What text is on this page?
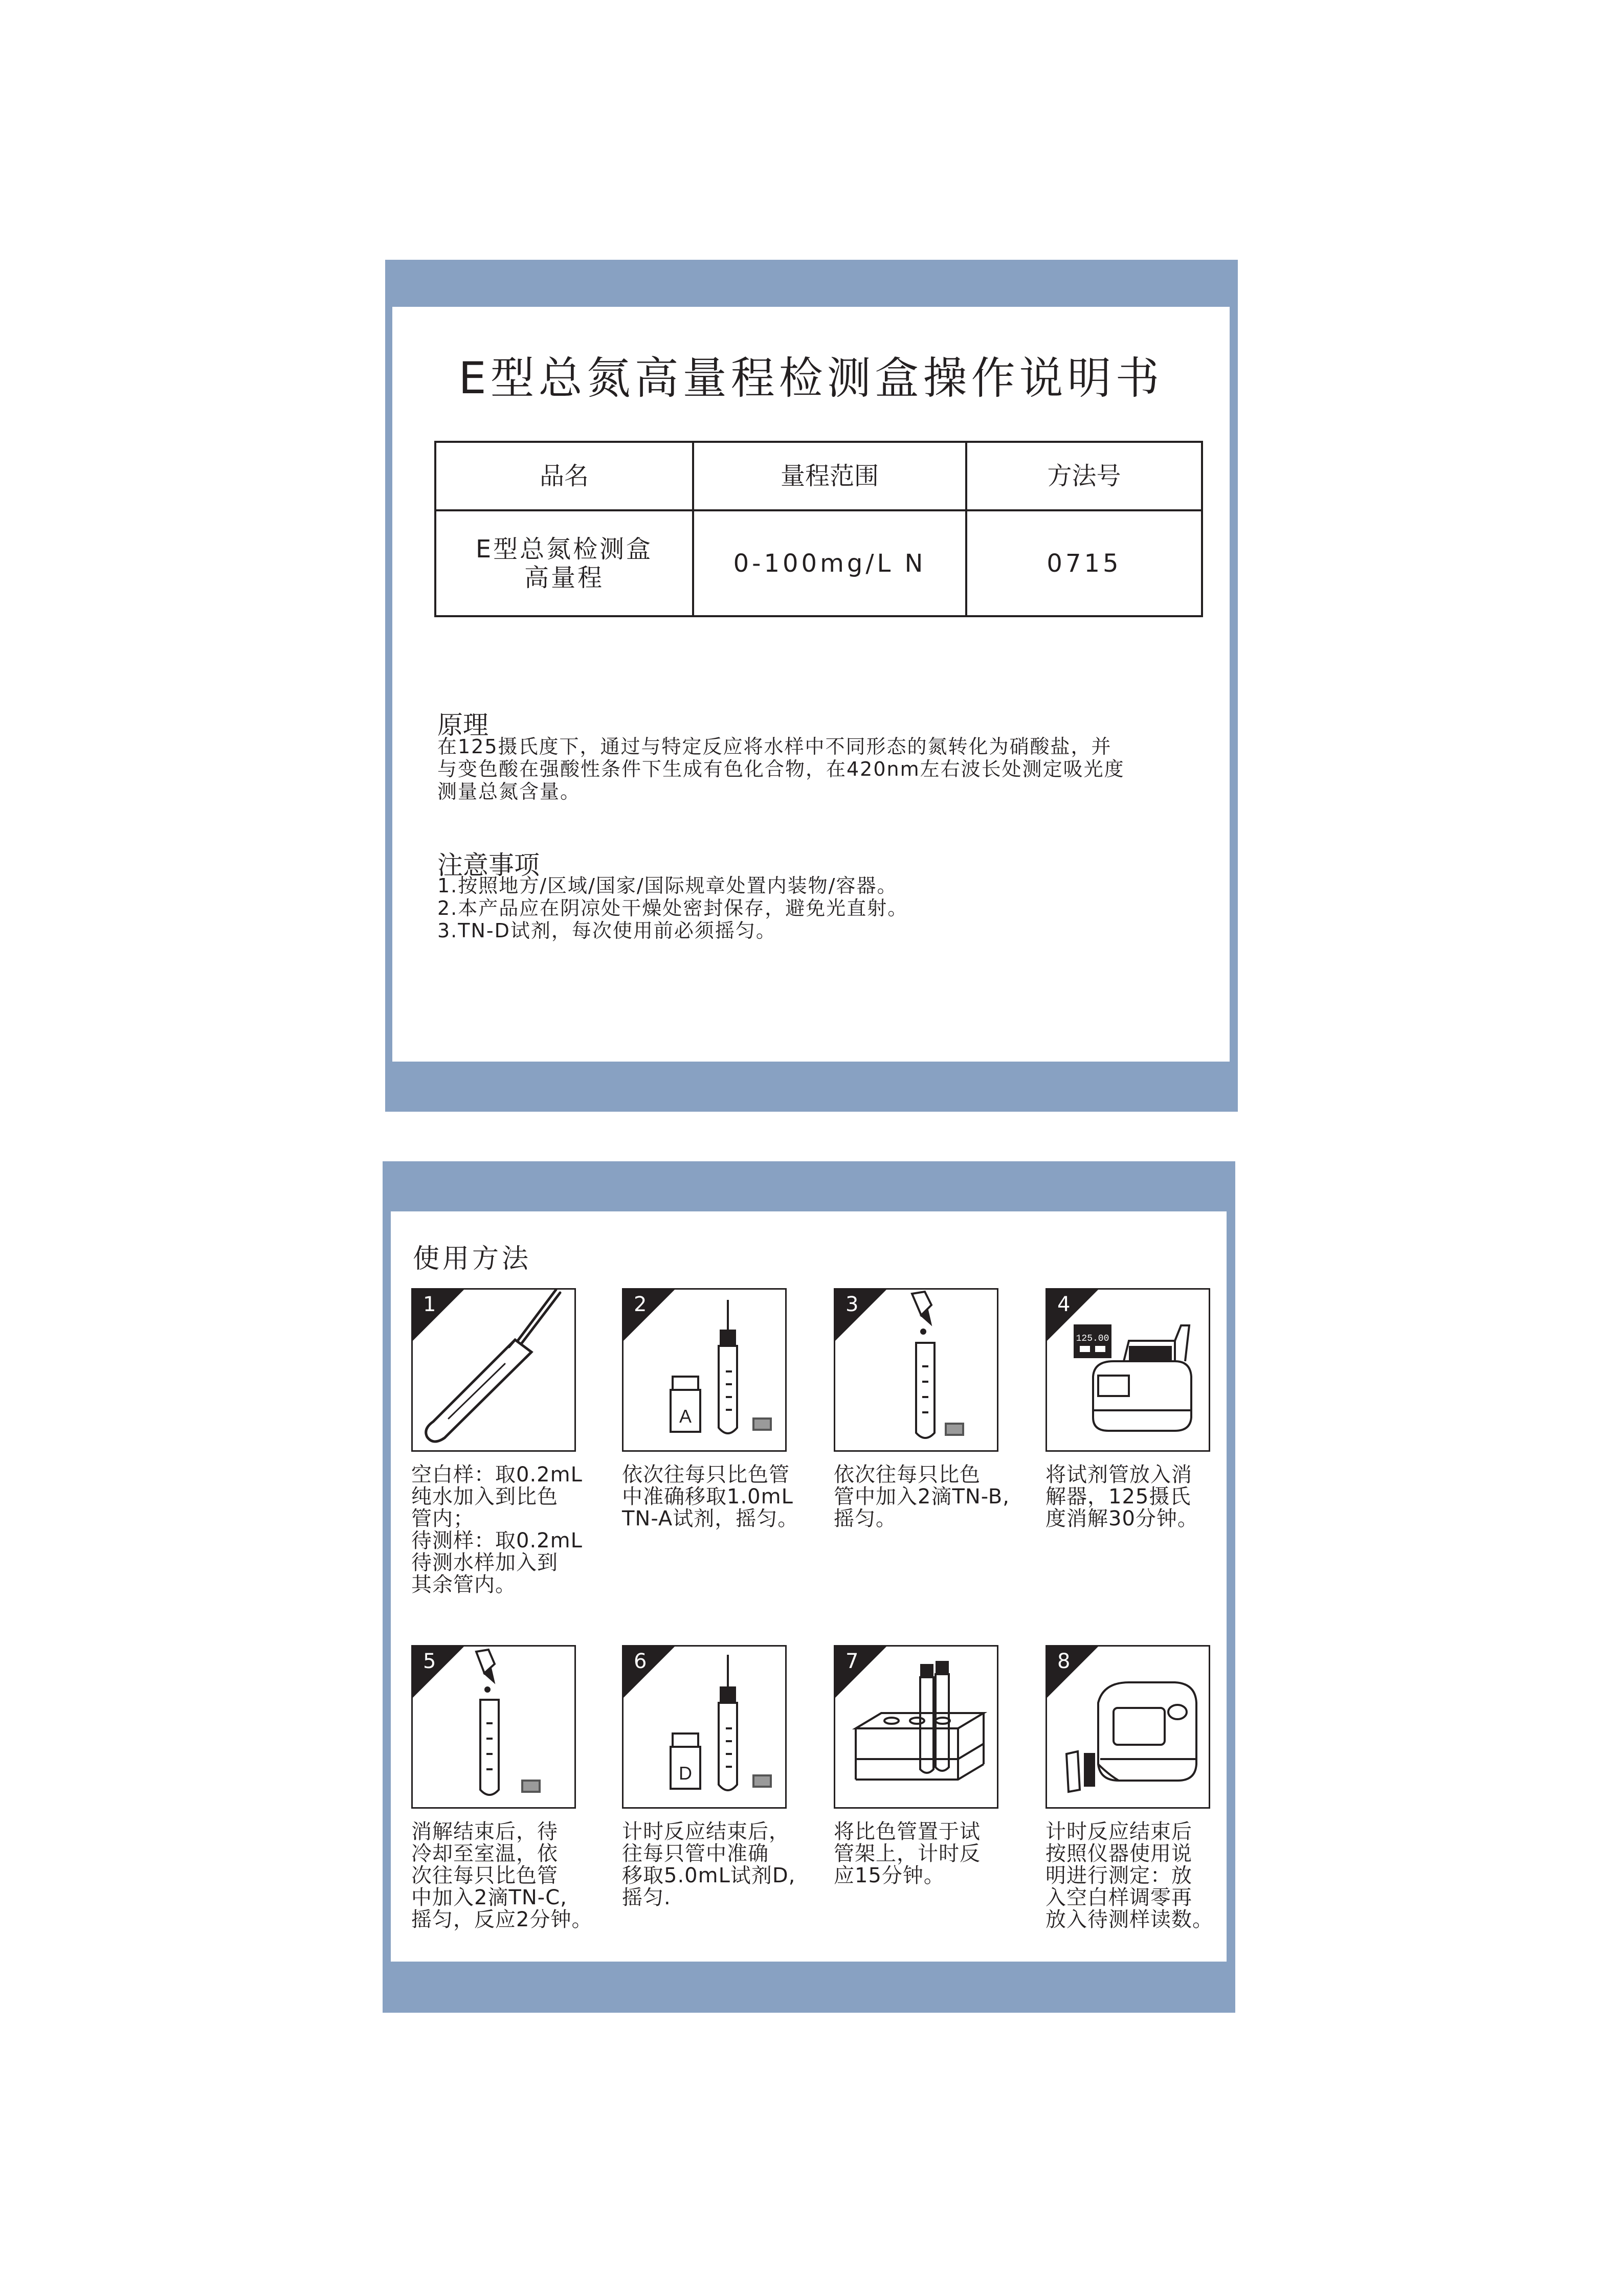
E型总氮高量程检测盒操作说明书
品名	量程范围	方法号

E型总氮检测盒
高量程	0-100mg/L N	0715
原理
在125摄氏度下，通过与特定反应将水样中不同形态的氮转化为硝酸盐，并
与变色酸在强酸性条件下生成有色化合物，在420nm左右波长处测定吸光度
测量总氮含量。
注意事项
1.按照地方/区域/国家/国际规章处置内装物/容器。
2.本产品应在阴凉处干燥处密封保存，避免光直射。
3.TN-D试剂，每次使用前必须摇匀。
使用方法
1
空白样：取0.2mL
纯水加入到比色
管内；
待测样：取0.2mL
待测水样加入到
其余管内。
A
2
依次往每只比色管
中准确移取1.0mL
TN-A试剂，摇匀。
3
依次往每只比色
管中加入2滴TN-B,
摇匀。
125.00
4
将试剂管放入消
解器，125摄氏
度消解30分钟。
5
消解结束后，待
冷却至室温，依
次往每只比色管
中加入2滴TN-C,
摇匀，反应2分钟。
D
6
计时反应结束后，
往每只管中准确
移取5.0mL试剂D,
摇匀.
7
将比色管置于试
管架上，计时反
应15分钟。
8
计时反应结束后
按照仪器使用说
明进行测定：放
入空白样调零再
放入待测样读数。
